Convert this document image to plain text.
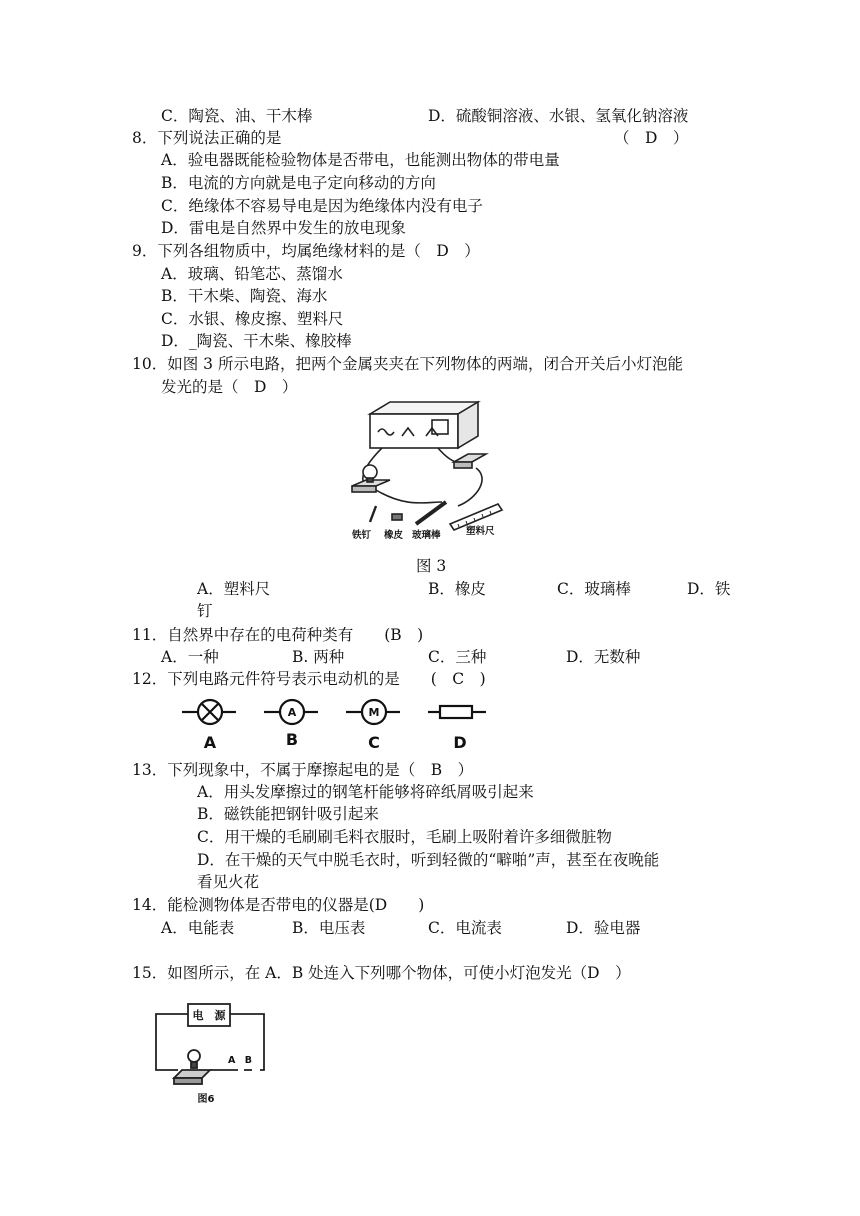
C．陶瓷、油、干木棒	D．硫酸铜溶液、水银、氢氧化钠溶液
8．下列说法正确的是	（　D　）
A．验电器既能检验物体是否带电，也能测出物体的带电量
B．电流的方向就是电子定向移动的方向
C．绝缘体不容易导电是因为绝缘体内没有电子
D．雷电是自然界中发生的放电现象
9．下列各组物质中，均属绝缘材料的是（　D　）
A．玻璃、铅笔芯、蒸馏水
B．干木柴、陶瓷、海水
C．水银、橡皮擦、塑料尺
D．_陶瓷、干木柴、橡胶棒
10．如图 3 所示电路，把两个金属夹夹在下列物体的两端，闭合开关后小灯泡能
发光的是（　D　）
铁钉 橡皮 玻璃棒	塑料尺
图 3
A．塑料尺	B．橡皮	C．玻璃棒	D．铁
钉
11．自然界中存在的电荷种类有　　(B　)
A．一种	B. 两种	C．三种	D．无数种
12．下列电路元件符号表示电动机的是　　(　C　)
A	M
A	B	C	D
13．下列现象中，不属于摩擦起电的是（　B　）
A．用头发摩擦过的钢笔杆能够将碎纸屑吸引起来
B．磁铁能把钢针吸引起来
C．用干燥的毛刷刷毛料衣服时，毛刷上吸附着许多细微脏物
D．在干燥的天气中脱毛衣时，听到轻微的“噼啪”声，甚至在夜晚能
看见火花
14．能检测物体是否带电的仪器是(D　　)
A．电能表	B．电压表	C．电流表	D．验电器
15．如图所示，在 A．B 处连入下列哪个物体，可使小灯泡发光（D　）
电　源
A　B
图6
